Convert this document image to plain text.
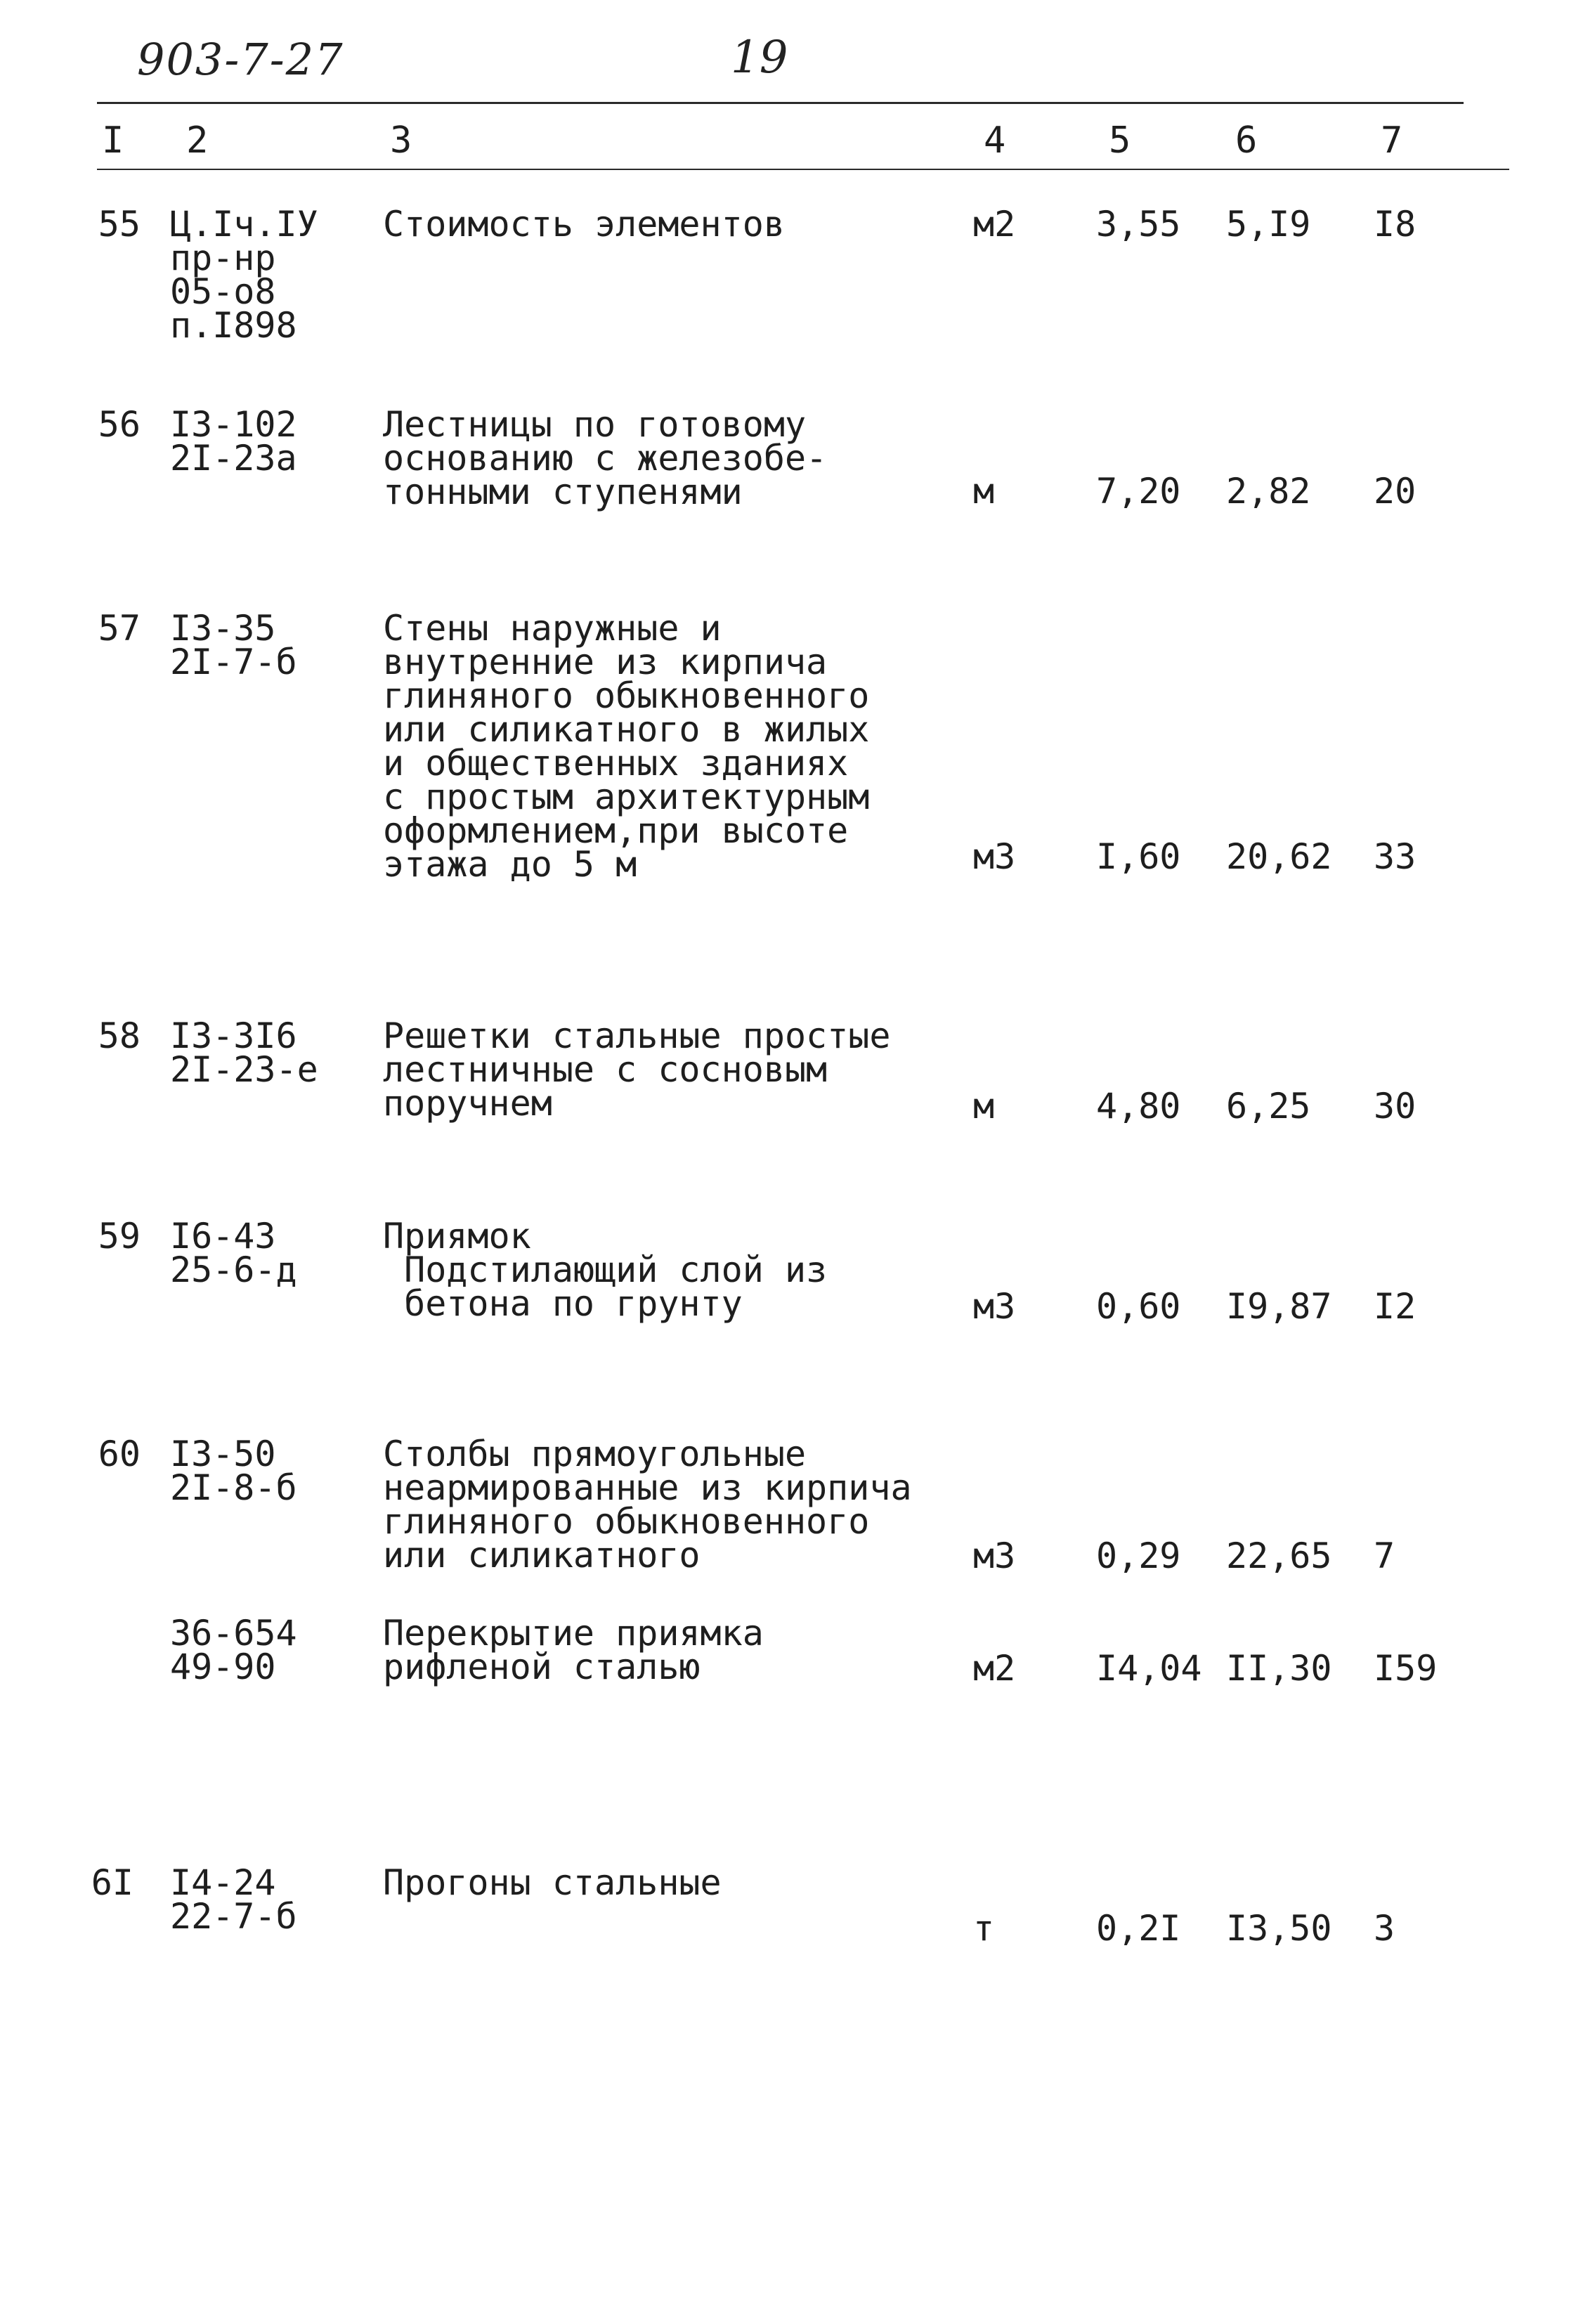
903-7-27	19
I 2	3	4	5	6	7
55 Ц.Iч.IУ
пр-нр
05-о8
п.I898
Стоимость элементов	м2 3,55 5,I9 I8
56 I3-102
2I-23а
Лестницы по готовому
основанию с железобе-
тонными ступенями	м	7,20 2,82 20
57 I3-35
2I-7-б
Стены наружные и
внутренние из кирпича
глиняного обыкновенного
или силикатного в жилых
и общественных зданиях
с простым архитектурным
оформлением,при высоте
этажа до 5 м	м3 I,60 20,62 33
58 I3-3I6
2I-23-е
Решетки стальные простые
лестничные с сосновым
поручнем	м	4,80 6,25 30
59 I6-43
25-6-д
Приямок
Подстилающий слой из
бетона по грунту	м3 0,60 I9,87 I2
60 I3-50
2I-8-б
Столбы прямоугольные
неармированные из кирпича
глиняного обыкновенного
или силикатного	м3 0,29 22,65 7
36-654
49-90
Перекрытие приямка
рифленой сталью	м2 I4,04 II,30 I59
6I I4-24
22-7-б
Прогоны стальные
т	0,2I I3,50 3
